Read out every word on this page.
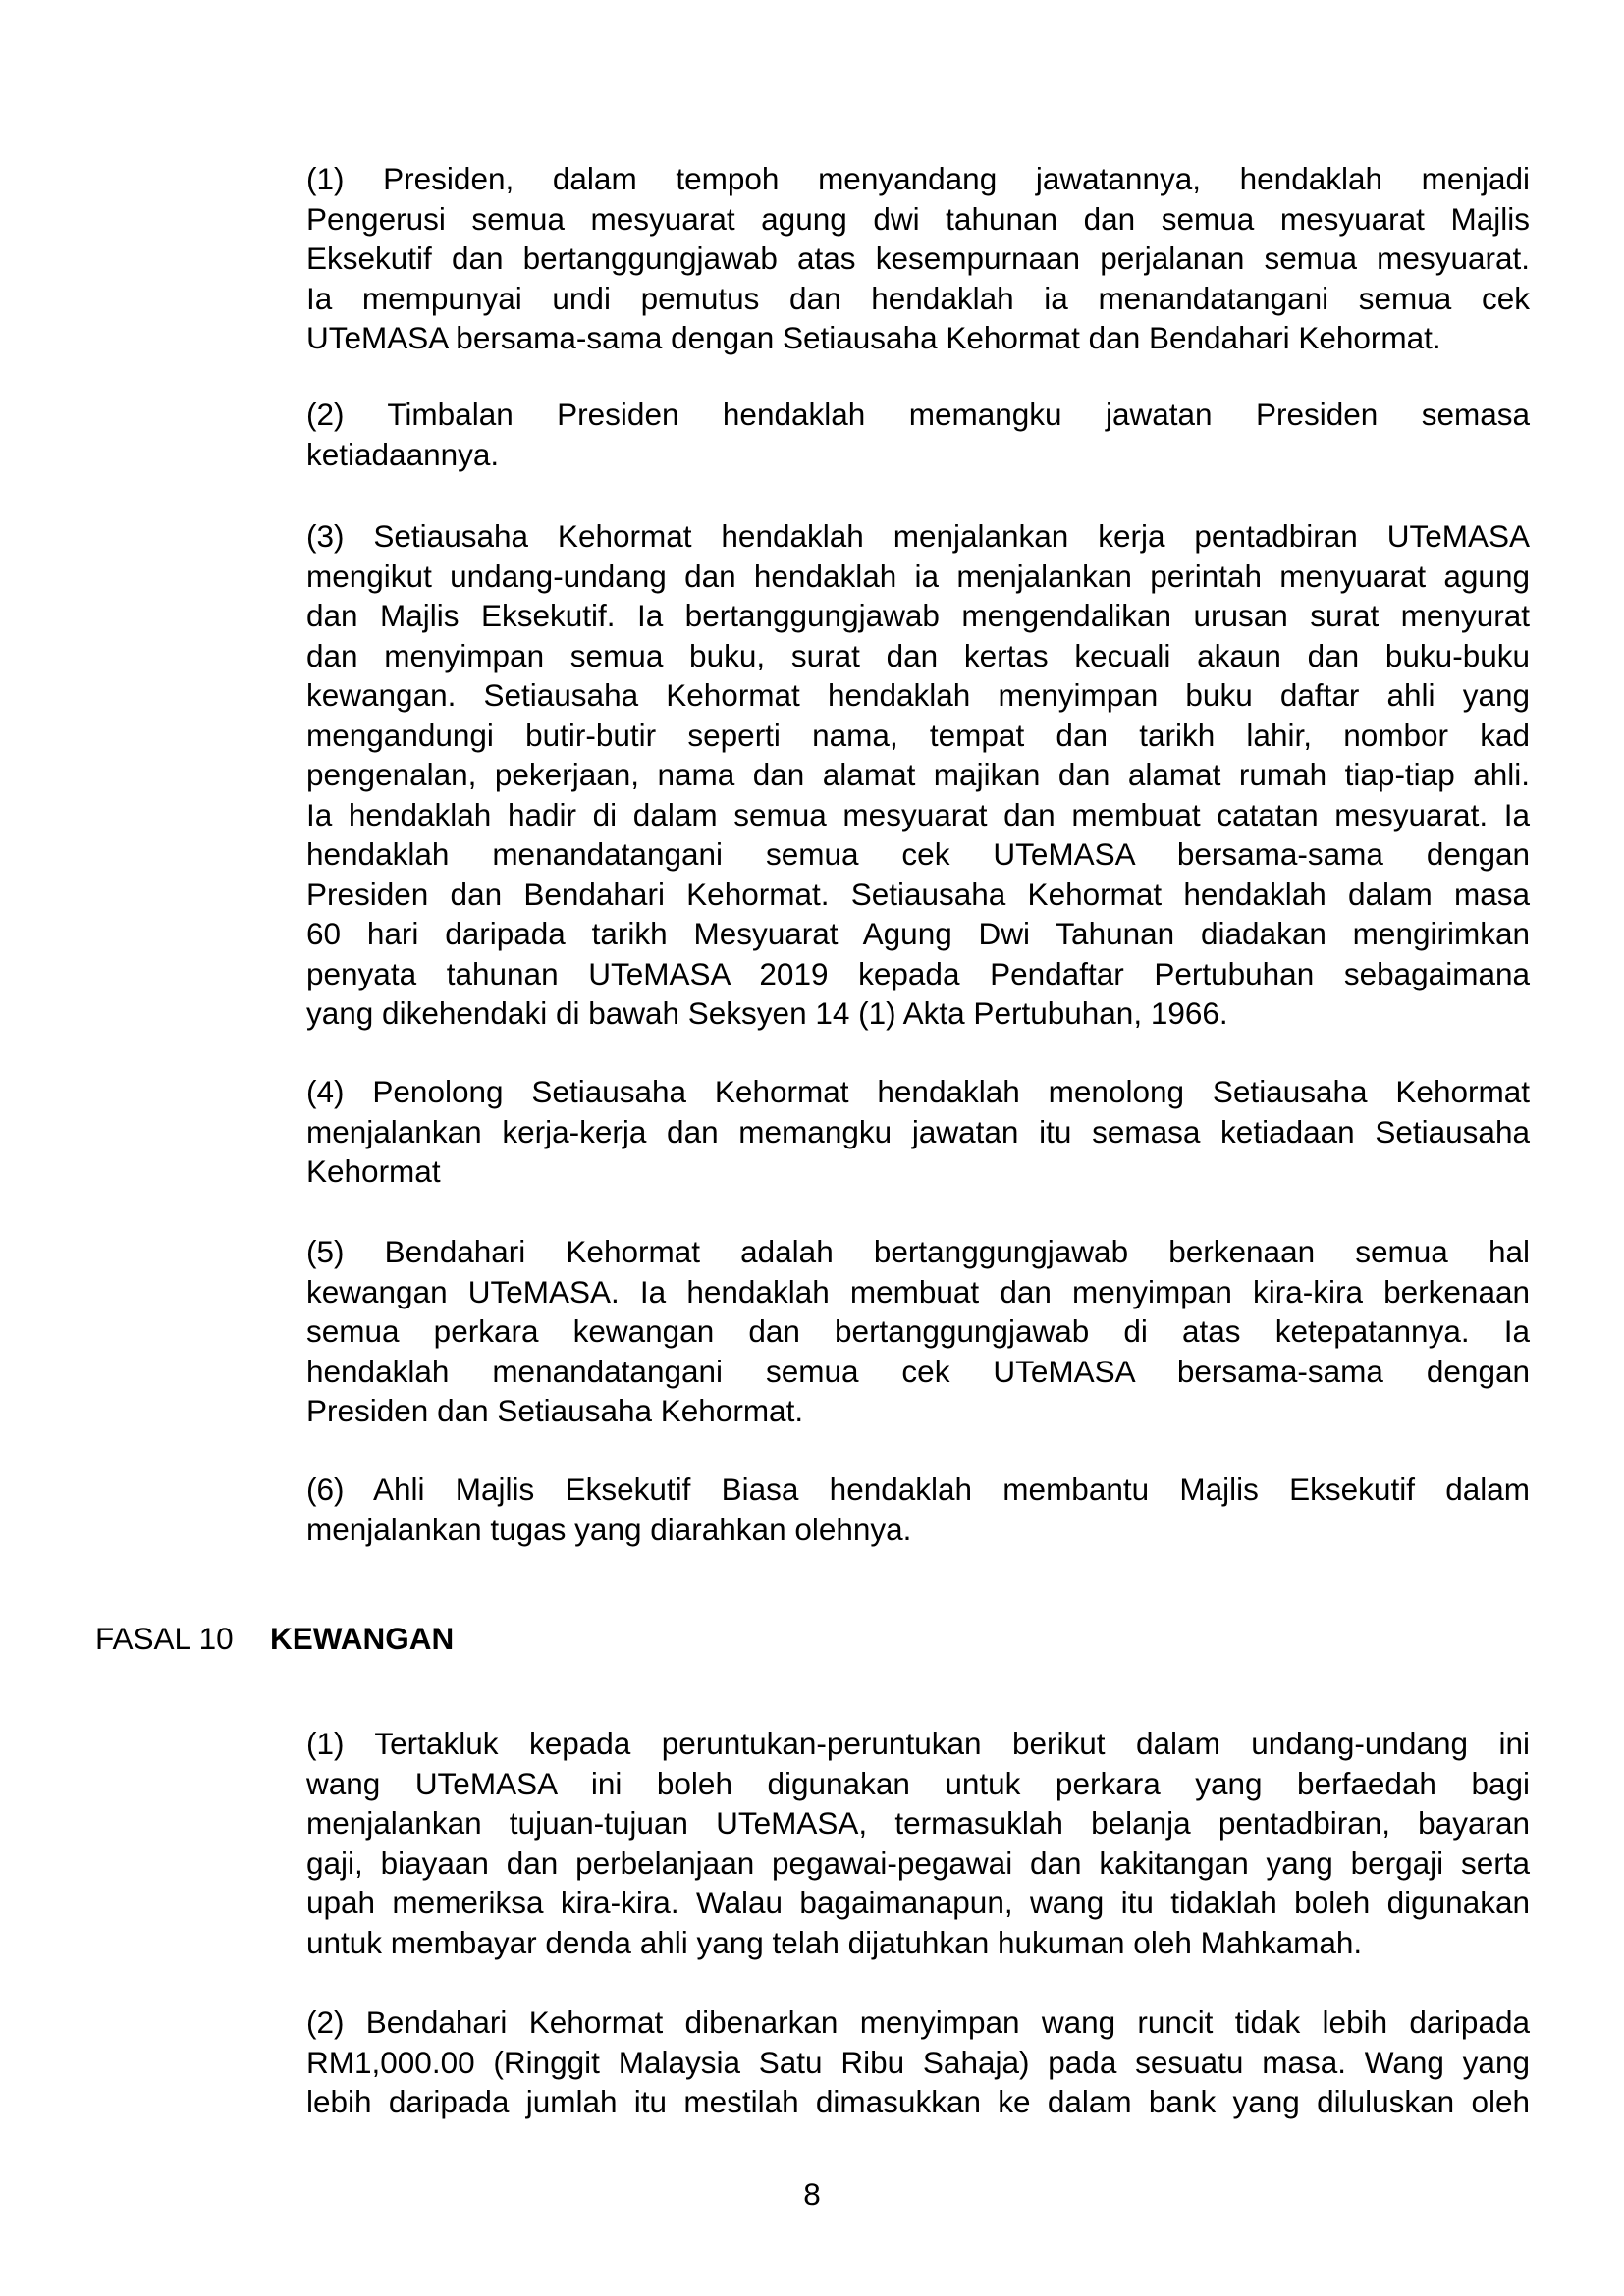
(1) Presiden, dalam tempoh menyandang jawatannya, hendaklah menjadi
Pengerusi semua mesyuarat agung dwi tahunan dan semua mesyuarat Majlis
Eksekutif dan bertanggungjawab atas kesempurnaan perjalanan semua mesyuarat.
Ia mempunyai undi pemutus dan hendaklah ia menandatangani semua cek
UTeMASA bersama-sama dengan Setiausaha Kehormat dan Bendahari Kehormat.
(2) Timbalan Presiden hendaklah memangku jawatan Presiden semasa
ketiadaannya.
(3) Setiausaha Kehormat hendaklah menjalankan kerja pentadbiran UTeMASA
mengikut undang-undang dan hendaklah ia menjalankan perintah menyuarat agung
dan Majlis Eksekutif. Ia bertanggungjawab mengendalikan urusan surat menyurat
dan menyimpan semua buku, surat dan kertas kecuali akaun dan buku-buku
kewangan. Setiausaha Kehormat hendaklah menyimpan buku daftar ahli yang
mengandungi butir-butir seperti nama, tempat dan tarikh lahir, nombor kad
pengenalan, pekerjaan, nama dan alamat majikan dan alamat rumah tiap-tiap ahli.
Ia hendaklah hadir di dalam semua mesyuarat dan membuat catatan mesyuarat. Ia
hendaklah menandatangani semua cek UTeMASA bersama-sama dengan
Presiden dan Bendahari Kehormat. Setiausaha Kehormat hendaklah dalam masa
60 hari daripada tarikh Mesyuarat Agung Dwi Tahunan diadakan mengirimkan
penyata tahunan UTeMASA 2019 kepada Pendaftar Pertubuhan sebagaimana
yang dikehendaki di bawah Seksyen 14 (1) Akta Pertubuhan, 1966.
(4) Penolong Setiausaha Kehormat hendaklah menolong Setiausaha Kehormat
menjalankan kerja-kerja dan memangku jawatan itu semasa ketiadaan Setiausaha
Kehormat
(5) Bendahari Kehormat adalah bertanggungjawab berkenaan semua hal
kewangan UTeMASA. Ia hendaklah membuat dan menyimpan kira-kira berkenaan
semua perkara kewangan dan bertanggungjawab di atas ketepatannya. Ia
hendaklah menandatangani semua cek UTeMASA bersama-sama dengan
Presiden dan Setiausaha Kehormat.
(6) Ahli Majlis Eksekutif Biasa hendaklah membantu Majlis Eksekutif dalam
menjalankan tugas yang diarahkan olehnya.
FASAL 10 KEWANGAN
(1) Tertakluk kepada peruntukan-peruntukan berikut dalam undang-undang ini
wang UTeMASA ini boleh digunakan untuk perkara yang berfaedah bagi
menjalankan tujuan-tujuan UTeMASA, termasuklah belanja pentadbiran, bayaran
gaji, biayaan dan perbelanjaan pegawai-pegawai dan kakitangan yang bergaji serta
upah memeriksa kira-kira. Walau bagaimanapun, wang itu tidaklah boleh digunakan
untuk membayar denda ahli yang telah dijatuhkan hukuman oleh Mahkamah.
(2) Bendahari Kehormat dibenarkan menyimpan wang runcit tidak lebih daripada
RM1,000.00 (Ringgit Malaysia Satu Ribu Sahaja) pada sesuatu masa. Wang yang
lebih daripada jumlah itu mestilah dimasukkan ke dalam bank yang diluluskan oleh
8
